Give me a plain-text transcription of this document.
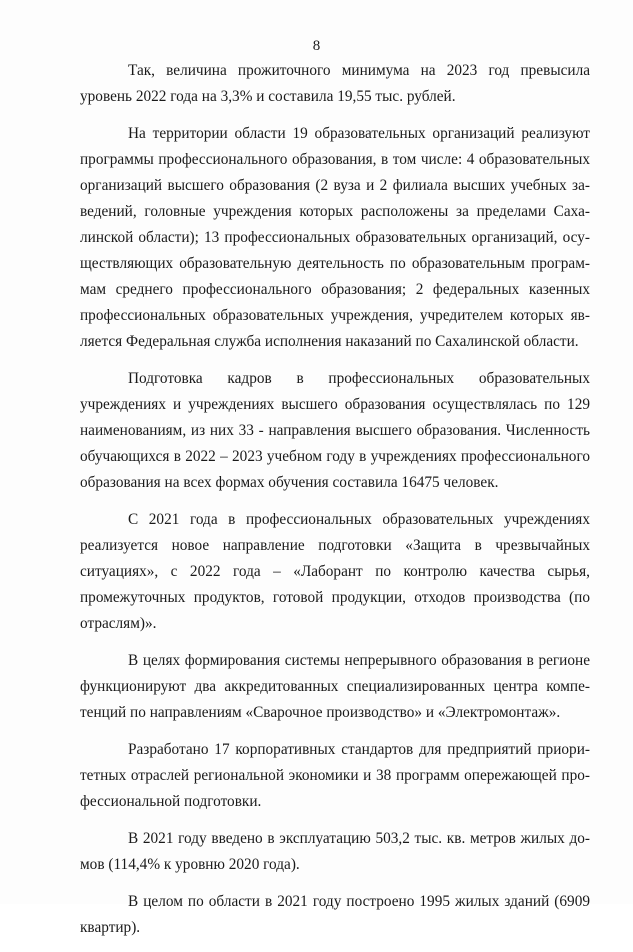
8

Так, величина прожиточного минимума на 2023 год превысила уровень 2022 года на 3,3% и составила 19,55 тыс. рублей.

На территории области 19 образовательных организаций реализуют программы профессионального образования, в том числе: 4 образовательных организаций высшего образования (2 вуза и 2 филиала высших учебных заведений, головные учреждения которых расположены за пределами Сахалинской области); 13 профессиональных образовательных организаций, осуществляющих образовательную деятельность по образовательным программам среднего профессионального образования; 2 федеральных казенных профессиональных образовательных учреждения, учредителем которых является Федеральная служба исполнения наказаний по Сахалинской области.

Подготовка кадров в профессиональных образовательных учреждениях и учреждениях высшего образования осуществлялась по 129 наименованиям, из них 33 - направления высшего образования. Численность обучающихся в 2022 – 2023 учебном году в учреждениях профессионального образования на всех формах обучения составила 16475 человек.

С 2021 года в профессиональных образовательных учреждениях реализуется новое направление подготовки «Защита в чрезвычайных ситуациях», с 2022 года – «Лаборант по контролю качества сырья, промежуточных продуктов, готовой продукции, отходов производства (по отраслям)».

В целях формирования системы непрерывного образования в регионе функционируют два аккредитованных специализированных центра компетенций по направлениям «Сварочное производство» и «Электромонтаж».

Разработано 17 корпоративных стандартов для предприятий приоритетных отраслей региональной экономики и 38 программ опережающей профессиональной подготовки.

В 2021 году введено в эксплуатацию 503,2 тыс. кв. метров жилых домов (114,4% к уровню 2020 года).

В целом по области в 2021 году построено 1995 жилых зданий (6909 квартир).
